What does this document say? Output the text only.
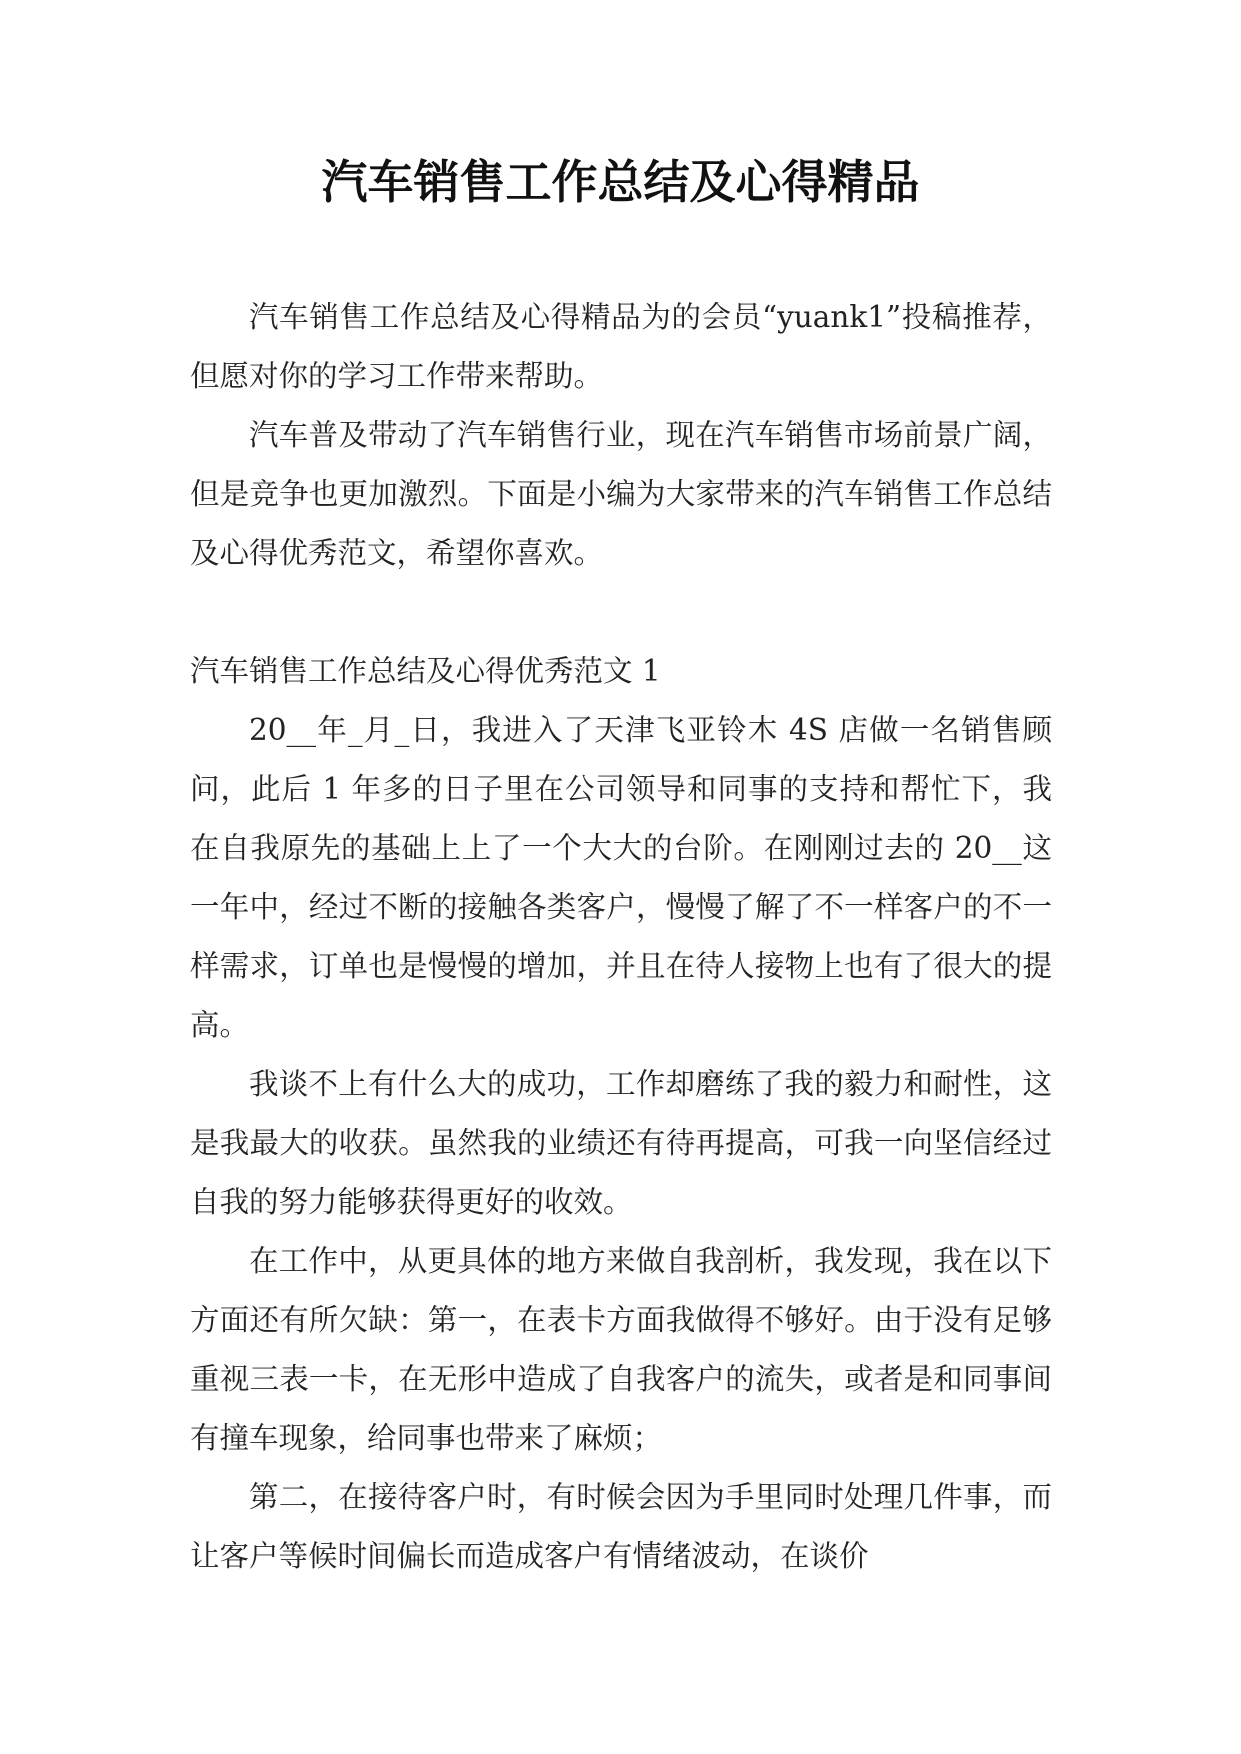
汽车销售工作总结及心得精品

汽车销售工作总结及心得精品为的会员“yuank1”投稿推荐，但愿对你的学习工作带来帮助。

汽车普及带动了汽车销售行业，现在汽车销售市场前景广阔，但是竞争也更加激烈。下面是小编为大家带来的汽车销售工作总结及心得优秀范文，希望你喜欢。

汽车销售工作总结及心得优秀范文 1

20__年_月_日，我进入了天津飞亚铃木 4S 店做一名销售顾问，此后 1 年多的日子里在公司领导和同事的支持和帮忙下，我在自我原先的基础上上了一个大大的台阶。在刚刚过去的 20__这一年中，经过不断的接触各类客户，慢慢了解了不一样客户的不一样需求，订单也是慢慢的增加，并且在待人接物上也有了很大的提高。

我谈不上有什么大的成功，工作却磨练了我的毅力和耐性，这是我最大的收获。虽然我的业绩还有待再提高，可我一向坚信经过自我的努力能够获得更好的收效。

在工作中，从更具体的地方来做自我剖析，我发现，我在以下方面还有所欠缺：第一，在表卡方面我做得不够好。由于没有足够重视三表一卡，在无形中造成了自我客户的流失，或者是和同事间有撞车现象，给同事也带来了麻烦；

第二，在接待客户时，有时候会因为手里同时处理几件事，而让客户等候时间偏长而造成客户有情绪波动，在谈价
